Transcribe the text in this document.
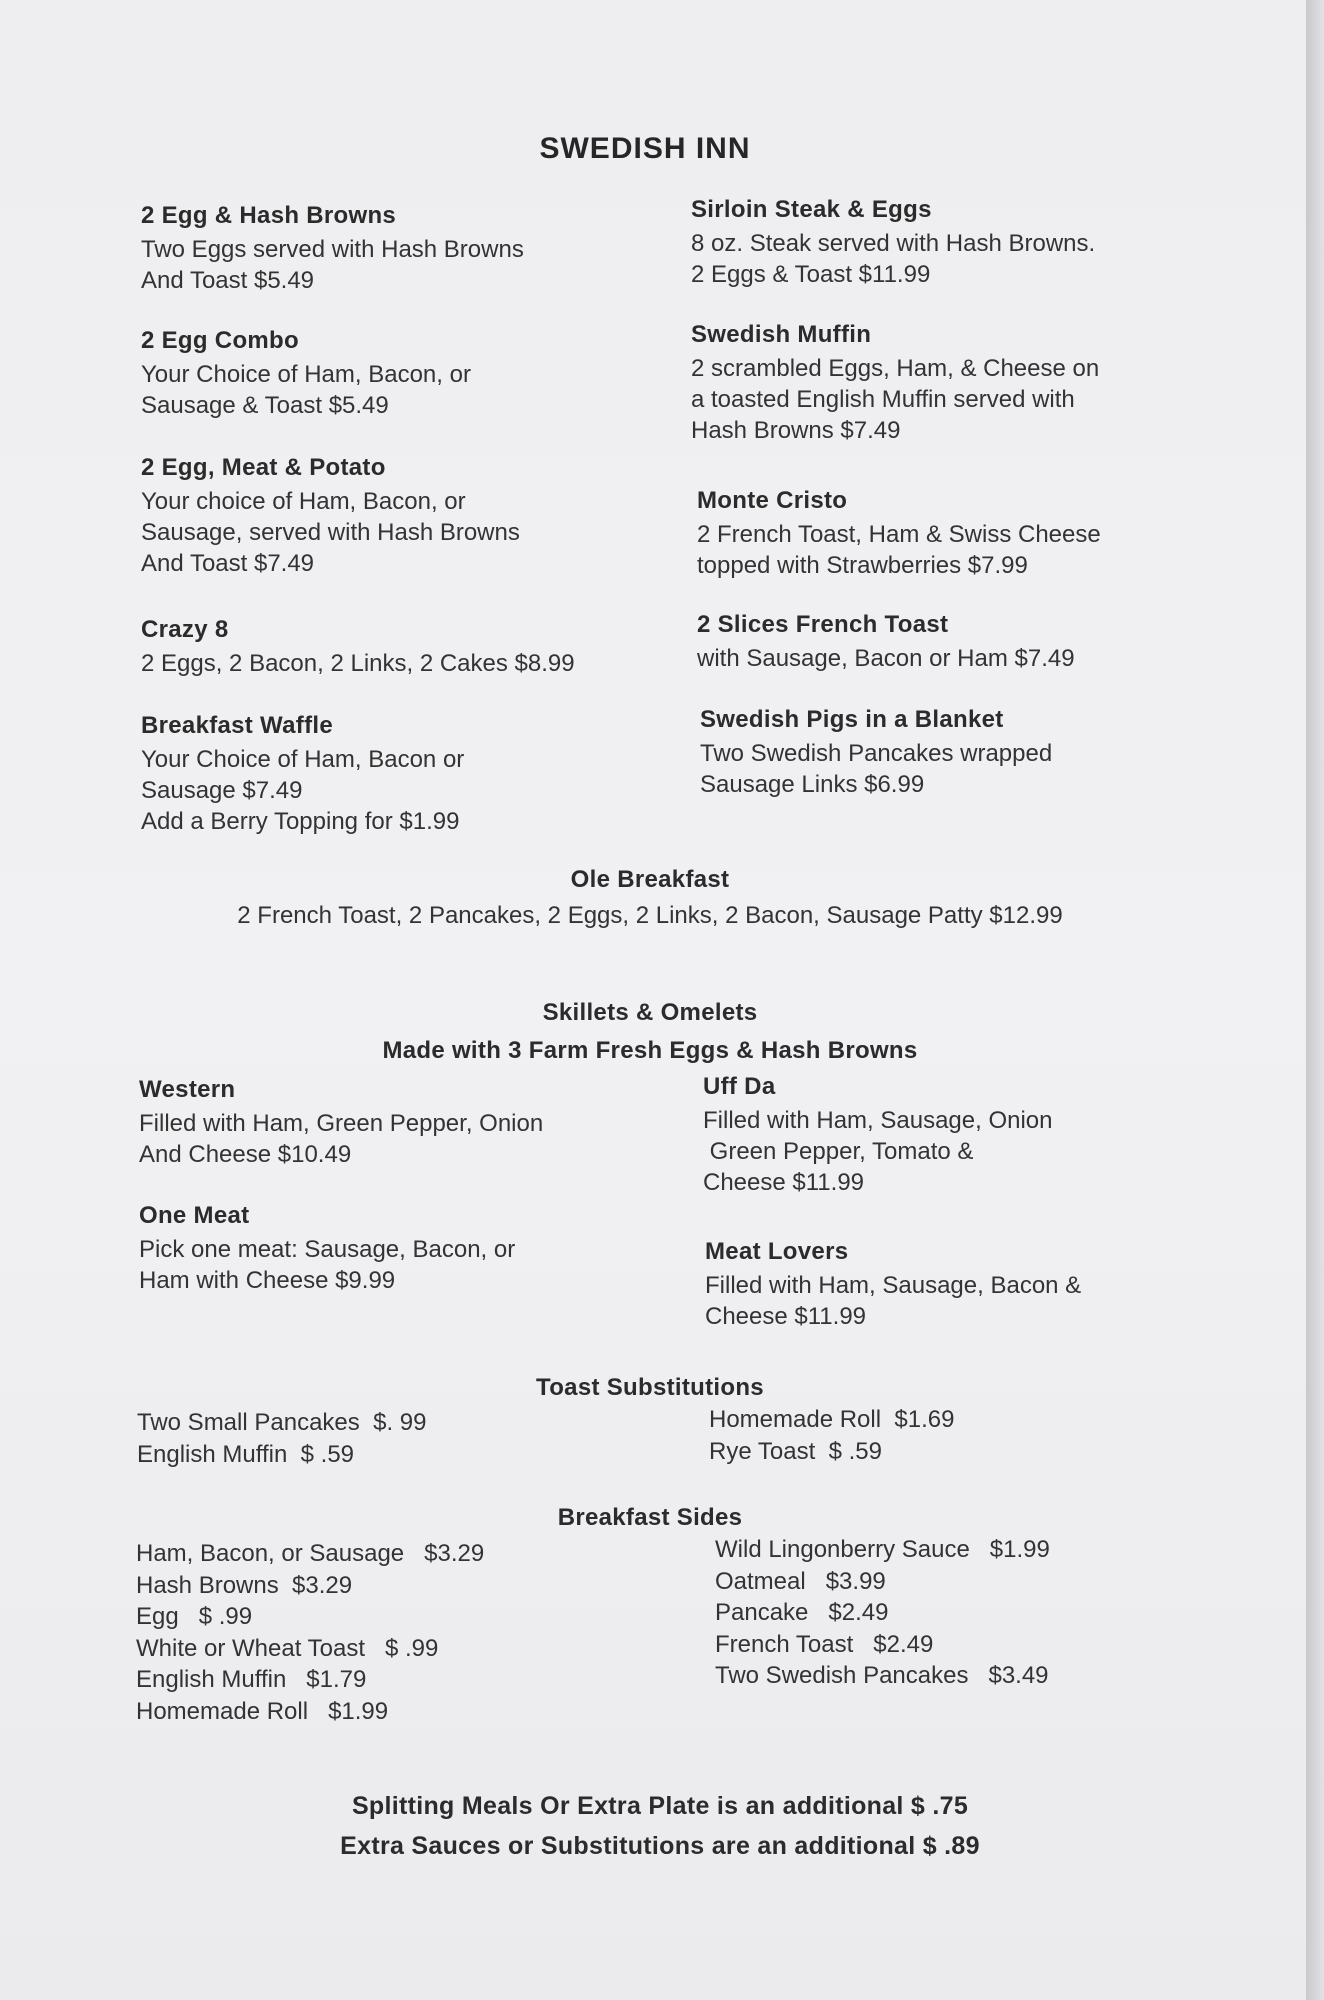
SWEDISH INN
2 Egg & Hash Browns
Two Eggs served with Hash Browns
And Toast $5.49
2 Egg Combo
Your Choice of Ham, Bacon, or
Sausage & Toast $5.49
2 Egg, Meat & Potato
Your choice of Ham, Bacon, or
Sausage, served with Hash Browns
And Toast $7.49
Crazy 8
2 Eggs, 2 Bacon, 2 Links, 2 Cakes $8.99
Breakfast Waffle
Your Choice of Ham, Bacon or
Sausage $7.49
Add a Berry Topping for $1.99
Sirloin Steak & Eggs
8 oz. Steak served with Hash Browns.
2 Eggs & Toast $11.99
Swedish Muffin
2 scrambled Eggs, Ham, & Cheese on
a toasted English Muffin served with
Hash Browns $7.49
Monte Cristo
2 French Toast, Ham & Swiss Cheese
topped with Strawberries $7.99
2 Slices French Toast
with Sausage, Bacon or Ham $7.49
Swedish Pigs in a Blanket
Two Swedish Pancakes wrapped
Sausage Links $6.99
Ole Breakfast
2 French Toast, 2 Pancakes, 2 Eggs, 2 Links, 2 Bacon, Sausage Patty $12.99
Skillets & Omelets
Made with 3 Farm Fresh Eggs & Hash Browns
Western
Filled with Ham, Green Pepper, Onion
And Cheese $10.49
One Meat
Pick one meat: Sausage, Bacon, or
Ham with Cheese $9.99
Uff Da
Filled with Ham, Sausage, Onion
Green Pepper, Tomato &
Cheese $11.99
Meat Lovers
Filled with Ham, Sausage, Bacon &
Cheese $11.99
Toast Substitutions
Two Small Pancakes  $. 99
English Muffin  $ .59
Homemade Roll  $1.69
Rye Toast  $ .59
Breakfast Sides
Ham, Bacon, or Sausage   $3.29
Hash Browns  $3.29
Egg   $ .99
White or Wheat Toast   $ .99
English Muffin   $1.79
Homemade Roll   $1.99
Wild Lingonberry Sauce   $1.99
Oatmeal   $3.99
Pancake   $2.49
French Toast   $2.49
Two Swedish Pancakes   $3.49
Splitting Meals Or Extra Plate is an additional $ .75
Extra Sauces or Substitutions are an additional $ .89
